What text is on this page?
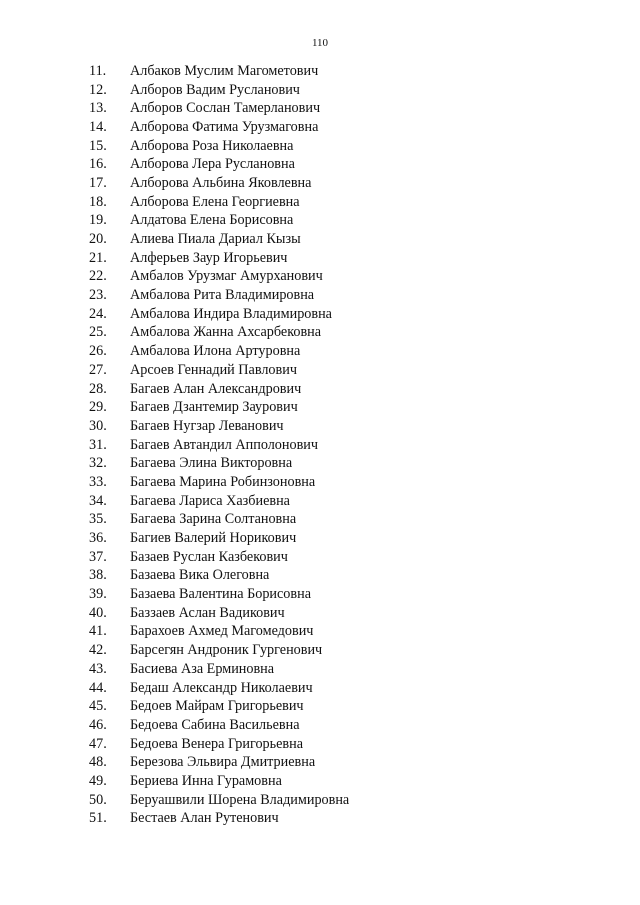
110
11.	Албаков Муслим Магометович
12.	Алборов Вадим Русланович
13.	Алборов Сослан Тамерланович
14.	Алборова Фатима Урузмаговна
15.	Алборова Роза Николаевна
16.	Алборова Лера Руслановна
17.	Алборова Альбина Яковлевна
18.	Алборова Елена Георгиевна
19.	Алдатова Елена Борисовна
20.	Алиева Пиала Дариал Кызы
21.	Алферьев Заур Игорьевич
22.	Амбалов Урузмаг Амурханович
23.	Амбалова Рита Владимировна
24.	Амбалова Индира Владимировна
25.	Амбалова Жанна Ахсарбековна
26.	Амбалова Илона Артуровна
27.	Арсоев Геннадий Павлович
28.	Багаев Алан Александрович
29.	Багаев Дзантемир Заурович
30.	Багаев Нугзар Леванович
31.	Багаев Автандил Апполонович
32.	Багаева Элина Викторовна
33.	Багаева Марина Робинзоновна
34.	Багаева Лариса Хазбиевна
35.	Багаева Зарина Солтановна
36.	Багиев Валерий Норикович
37.	Базаев Руслан Казбекович
38.	Базаева Вика Олеговна
39.	Базаева Валентина Борисовна
40.	Баззаев Аслан Вадикович
41.	Барахоев Ахмед Магомедович
42.	Барсегян Андроник Гургенович
43.	Басиева Аза Ерминовна
44.	Бедаш Александр Николаевич
45.	Бедоев Майрам Григорьевич
46.	Бедоева Сабина Васильевна
47.	Бедоева Венера Григорьевна
48.	Березова Эльвира Дмитриевна
49.	Бериева Инна Гурамовна
50.	Беруашвили Шорена Владимировна
51.	Бестаев Алан Рутенович
